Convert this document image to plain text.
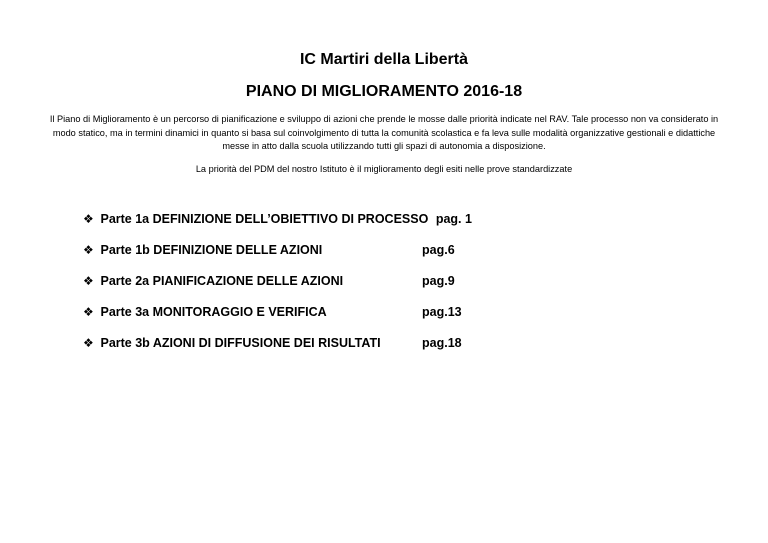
IC Martiri della Libertà
PIANO DI MIGLIORAMENTO 2016-18
Il Piano di Miglioramento è un percorso di pianificazione e sviluppo di azioni che prende le mosse dalle priorità indicate nel RAV. Tale processo non va considerato in modo statico, ma in termini dinamici in quanto si basa sul coinvolgimento di tutta la comunità scolastica e fa leva sulle modalità organizzative gestionali e didattiche messe in atto dalla scuola utilizzando tutti gli spazi di autonomia a disposizione.
La priorità del PDM del nostro Istituto è il miglioramento degli esiti nelle prove standardizzate
❖ Parte 1a DEFINIZIONE DELL’OBIETTIVO DI PROCESSO pag. 1
❖ Parte 1b DEFINIZIONE DELLE AZIONI	pag.6
❖ Parte 2a PIANIFICAZIONE DELLE AZIONI	pag.9
❖ Parte 3a MONITORAGGIO E VERIFICA	pag.13
❖ Parte 3b AZIONI DI DIFFUSIONE DEI RISULTATI	pag.18
